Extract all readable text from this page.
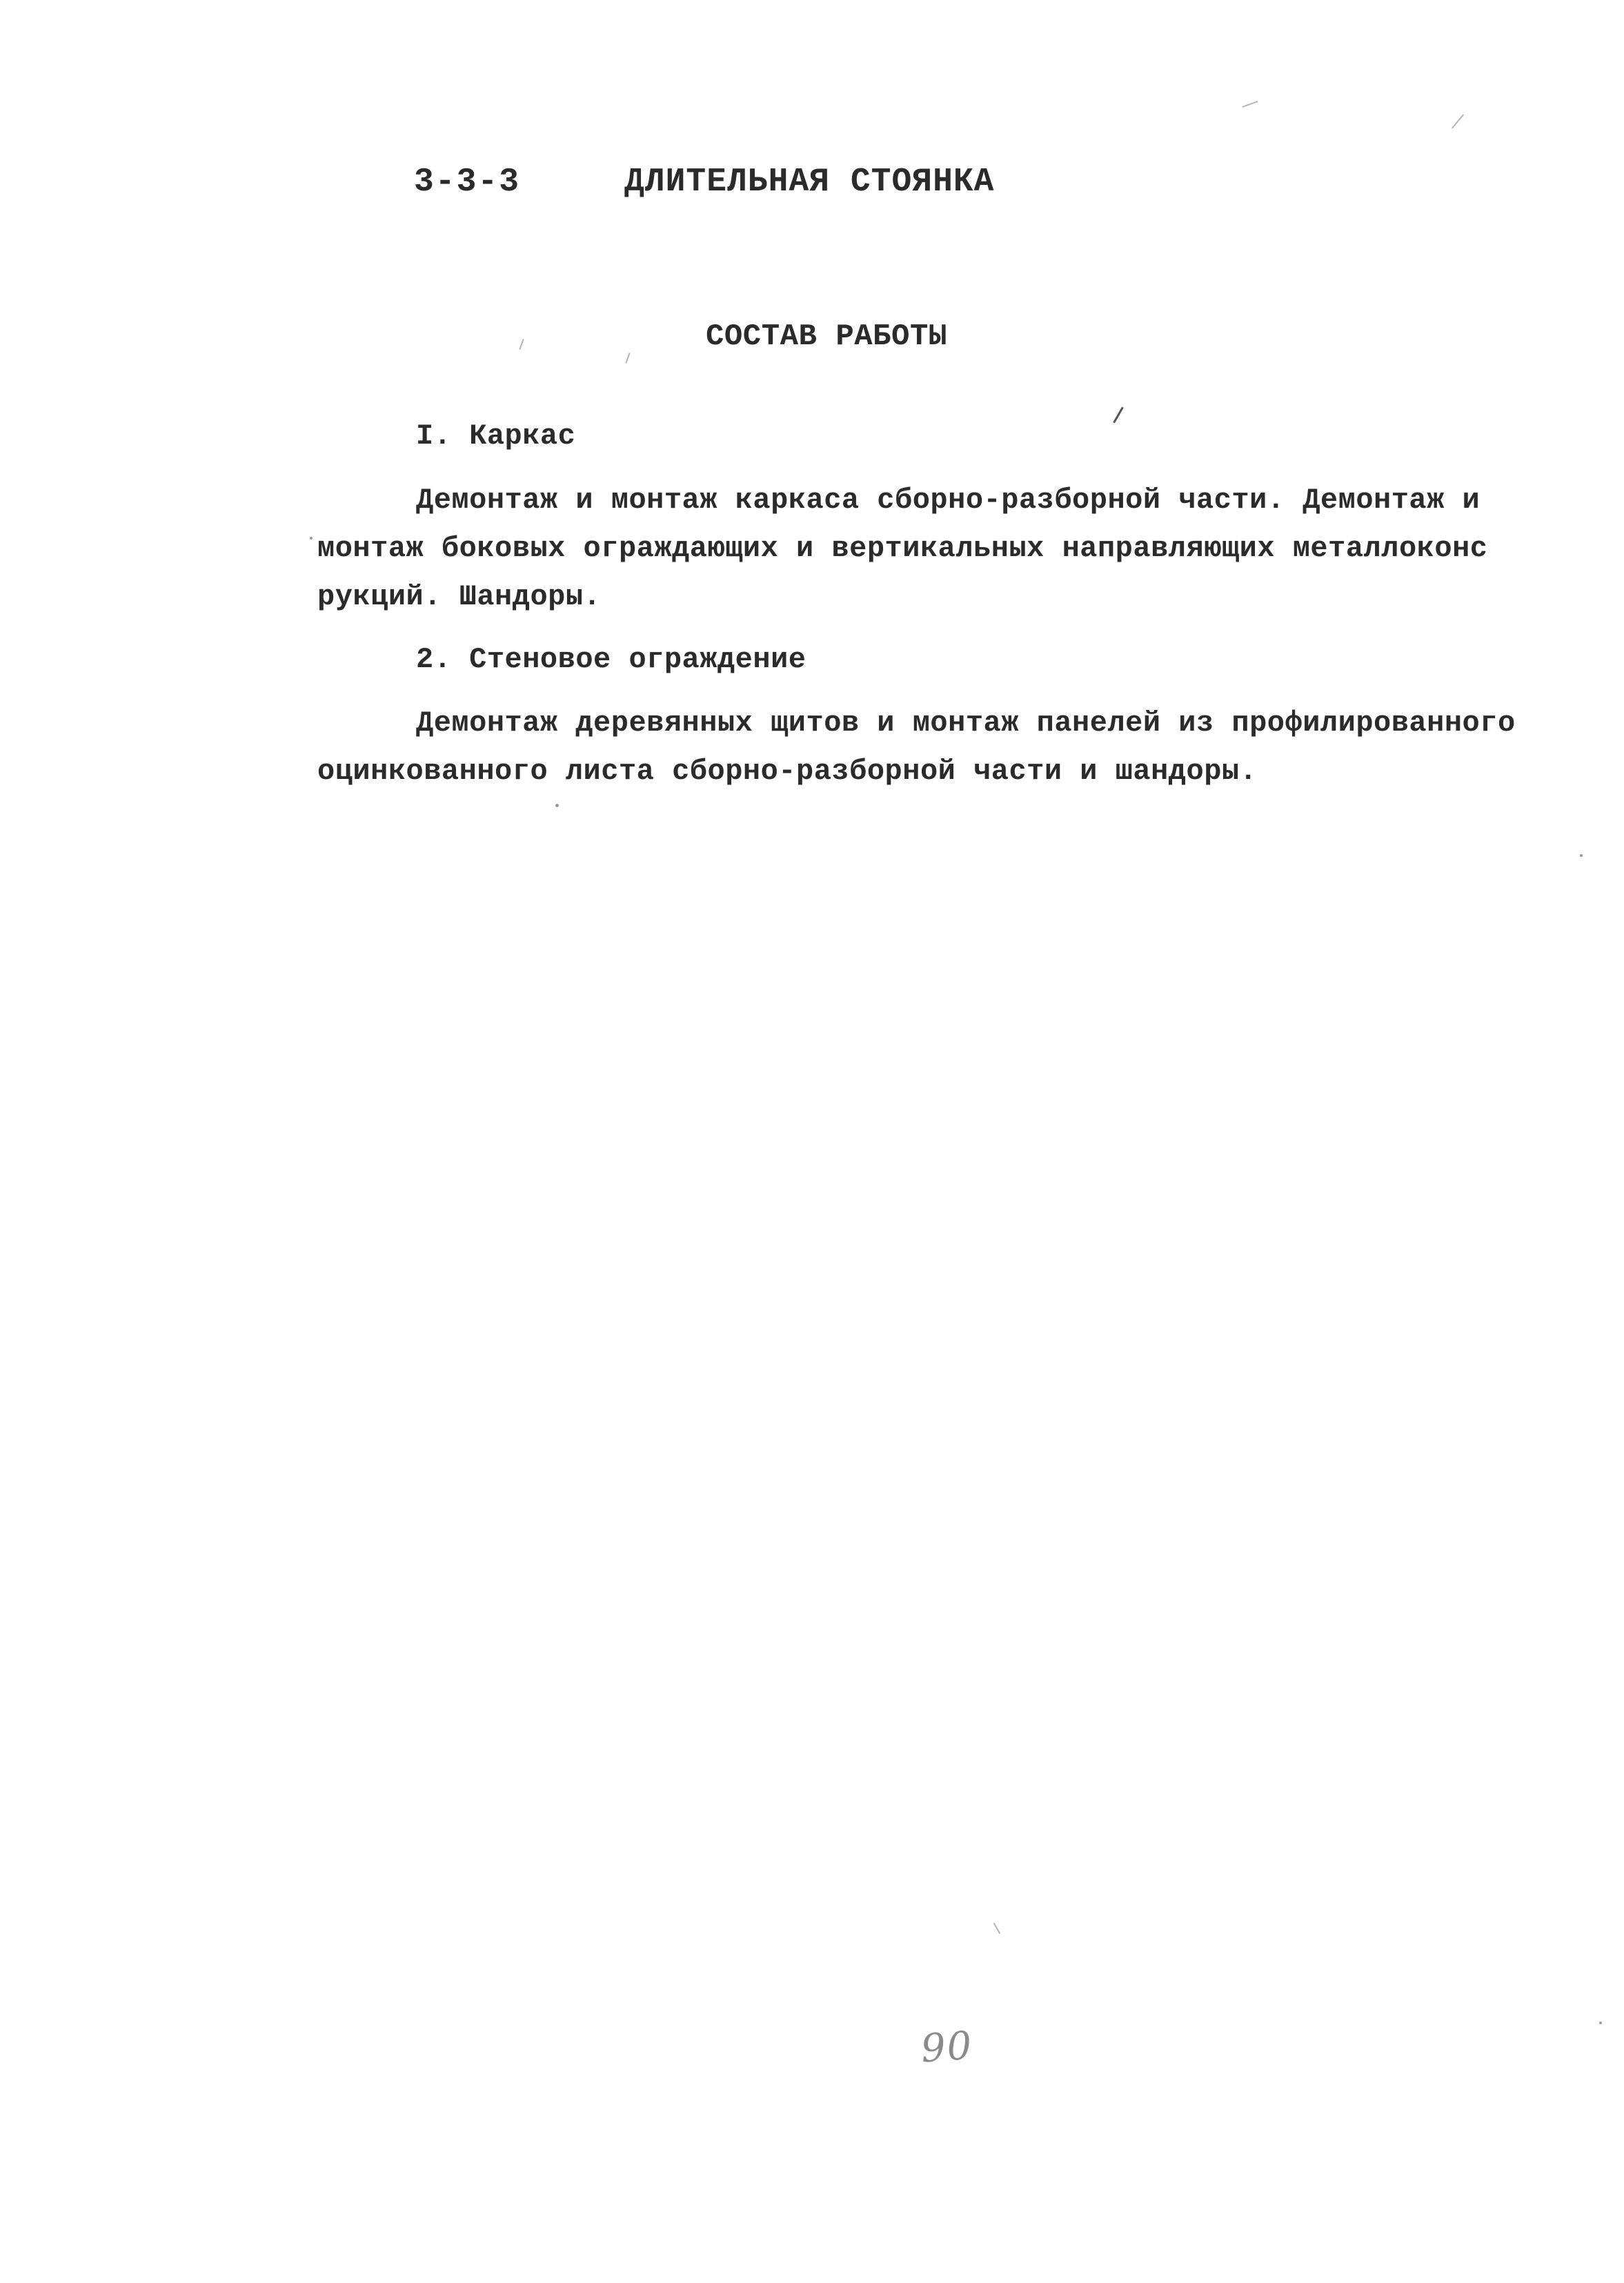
3-3-3	ДЛИТЕЛЬНАЯ СТОЯНКА
СОСТАВ РАБОТЫ
I. Каркас
Демонтаж и монтаж каркаса сборно-разборной части. Демонтаж и
монтаж боковых ограждающих и вертикальных направляющих металлоконс
рукций. Шандоры.
2. Стеновое ограждение
Демонтаж деревянных щитов и монтаж панелей из профилированного
оцинкованного листа сборно-разборной части и шандоры.
90
